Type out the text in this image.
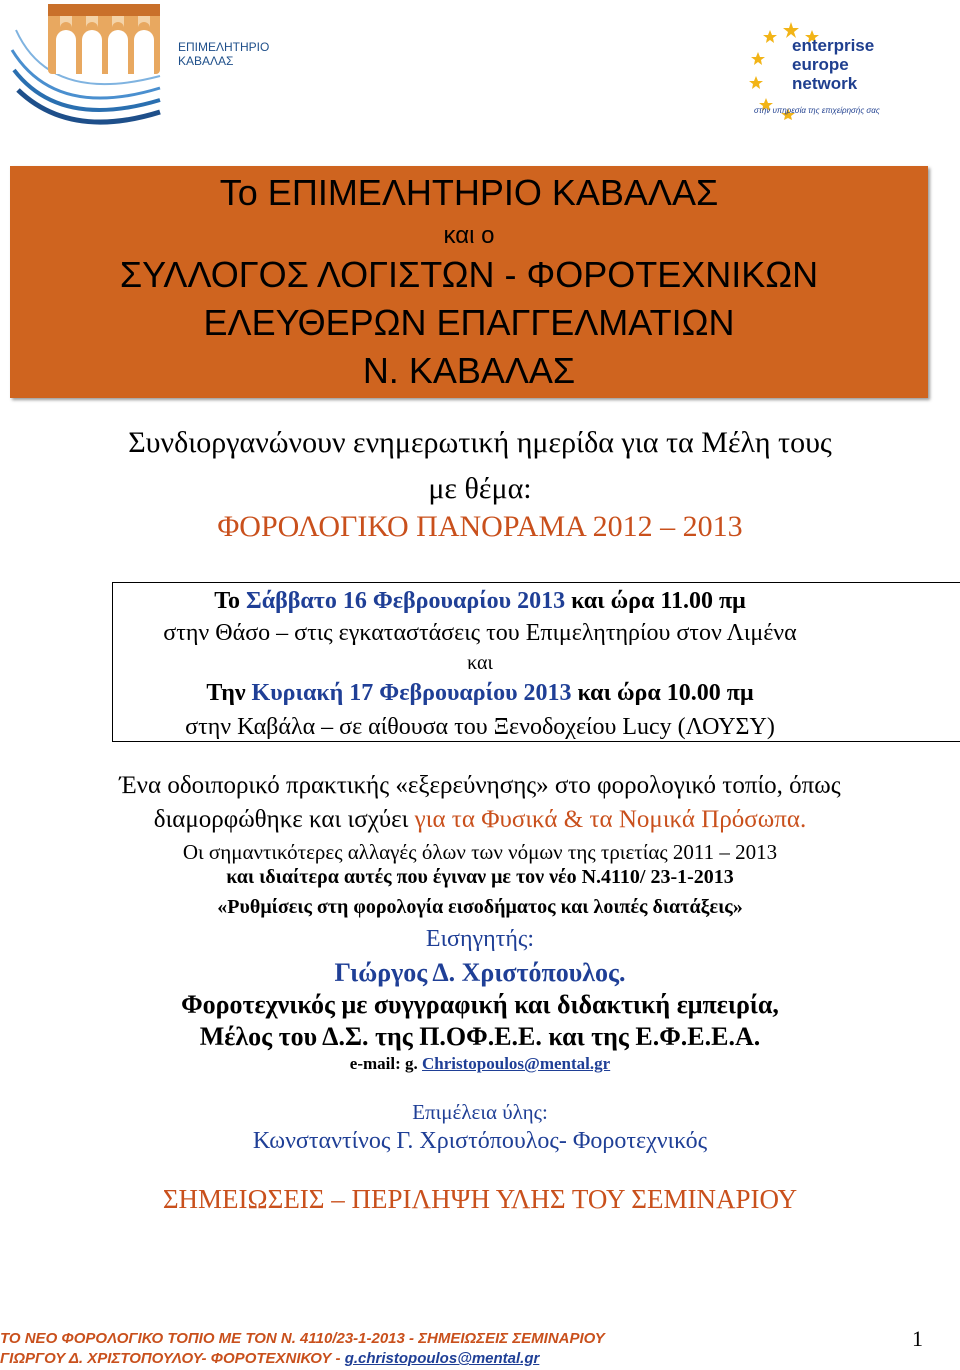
ΕΠΙΜΕΛΗΤΗΡΙΟ
ΚΑΒΑΛΑΣ
enterprise
europe
network
στην υπηρεσία της επιχείρησής σας
Το ΕΠΙΜΕΛΗΤΗΡΙΟ ΚΑΒΑΛΑΣ
και ο
ΣΥΛΛΟΓΟΣ ΛΟΓΙΣΤΩΝ - ΦΟΡΟΤΕΧΝΙΚΩΝ
ΕΛΕΥΘΕΡΩΝ ΕΠΑΓΓΕΛΜΑΤΙΩΝ
Ν. ΚΑΒΑΛΑΣ
Συνδιοργανώνουν ενημερωτική ημερίδα για τα Μέλη τους
με θέμα:
ΦΟΡΟΛΟΓΙΚΟ ΠΑΝΟΡΑΜΑ 2012 – 2013
Το Σάββατο 16 Φεβρουαρίου 2013 και ώρα 11.00 πμ
στην Θάσο – στις εγκαταστάσεις του Επιμελητηρίου στον Λιμένα
και
Την Κυριακή 17 Φεβρουαρίου 2013 και ώρα 10.00 πμ
στην Καβάλα – σε αίθουσα του Ξενοδοχείου Lucy (ΛΟΥΣΥ)
Ένα οδοιπορικό πρακτικής «εξερεύνησης» στο φορολογικό τοπίο, όπως
διαμορφώθηκε και ισχύει για τα Φυσικά & τα Νομικά Πρόσωπα.
Οι σημαντικότερες αλλαγές όλων των νόμων της τριετίας 2011 – 2013
και ιδιαίτερα αυτές που έγιναν με τον νέο Ν.4110/ 23-1-2013
«Ρυθμίσεις στη φορολογία εισοδήματος και λοιπές διατάξεις»
Εισηγητής:
Γιώργος Δ. Χριστόπουλος.
Φοροτεχνικός με συγγραφική και διδακτική εμπειρία,
Μέλος του Δ.Σ. της Π.ΟΦ.Ε.Ε. και της Ε.Φ.Ε.Ε.Α.
e-mail: g. Christopoulos@mental.gr
Επιμέλεια ύλης:
Κωνσταντίνος Γ. Χριστόπουλος- Φοροτεχνικός
ΣΗΜΕΙΩΣΕΙΣ – ΠΕΡΙΛΗΨΗ ΥΛΗΣ ΤΟΥ ΣΕΜΙΝΑΡΙΟΥ
ΤΟ ΝΕΟ ΦΟΡΟΛΟΓΙΚΟ ΤΟΠΙΟ ΜΕ ΤΟΝ Ν. 4110/23-1-2013 - ΣΗΜΕΙΩΣΕΙΣ ΣΕΜΙΝΑΡΙΟΥ
ΓΙΩΡΓΟΥ Δ. ΧΡΙΣΤΟΠΟΥΛΟΥ- ΦΟΡΟΤΕΧΝΙΚΟΥ - g.christopoulos@mental.gr
1
